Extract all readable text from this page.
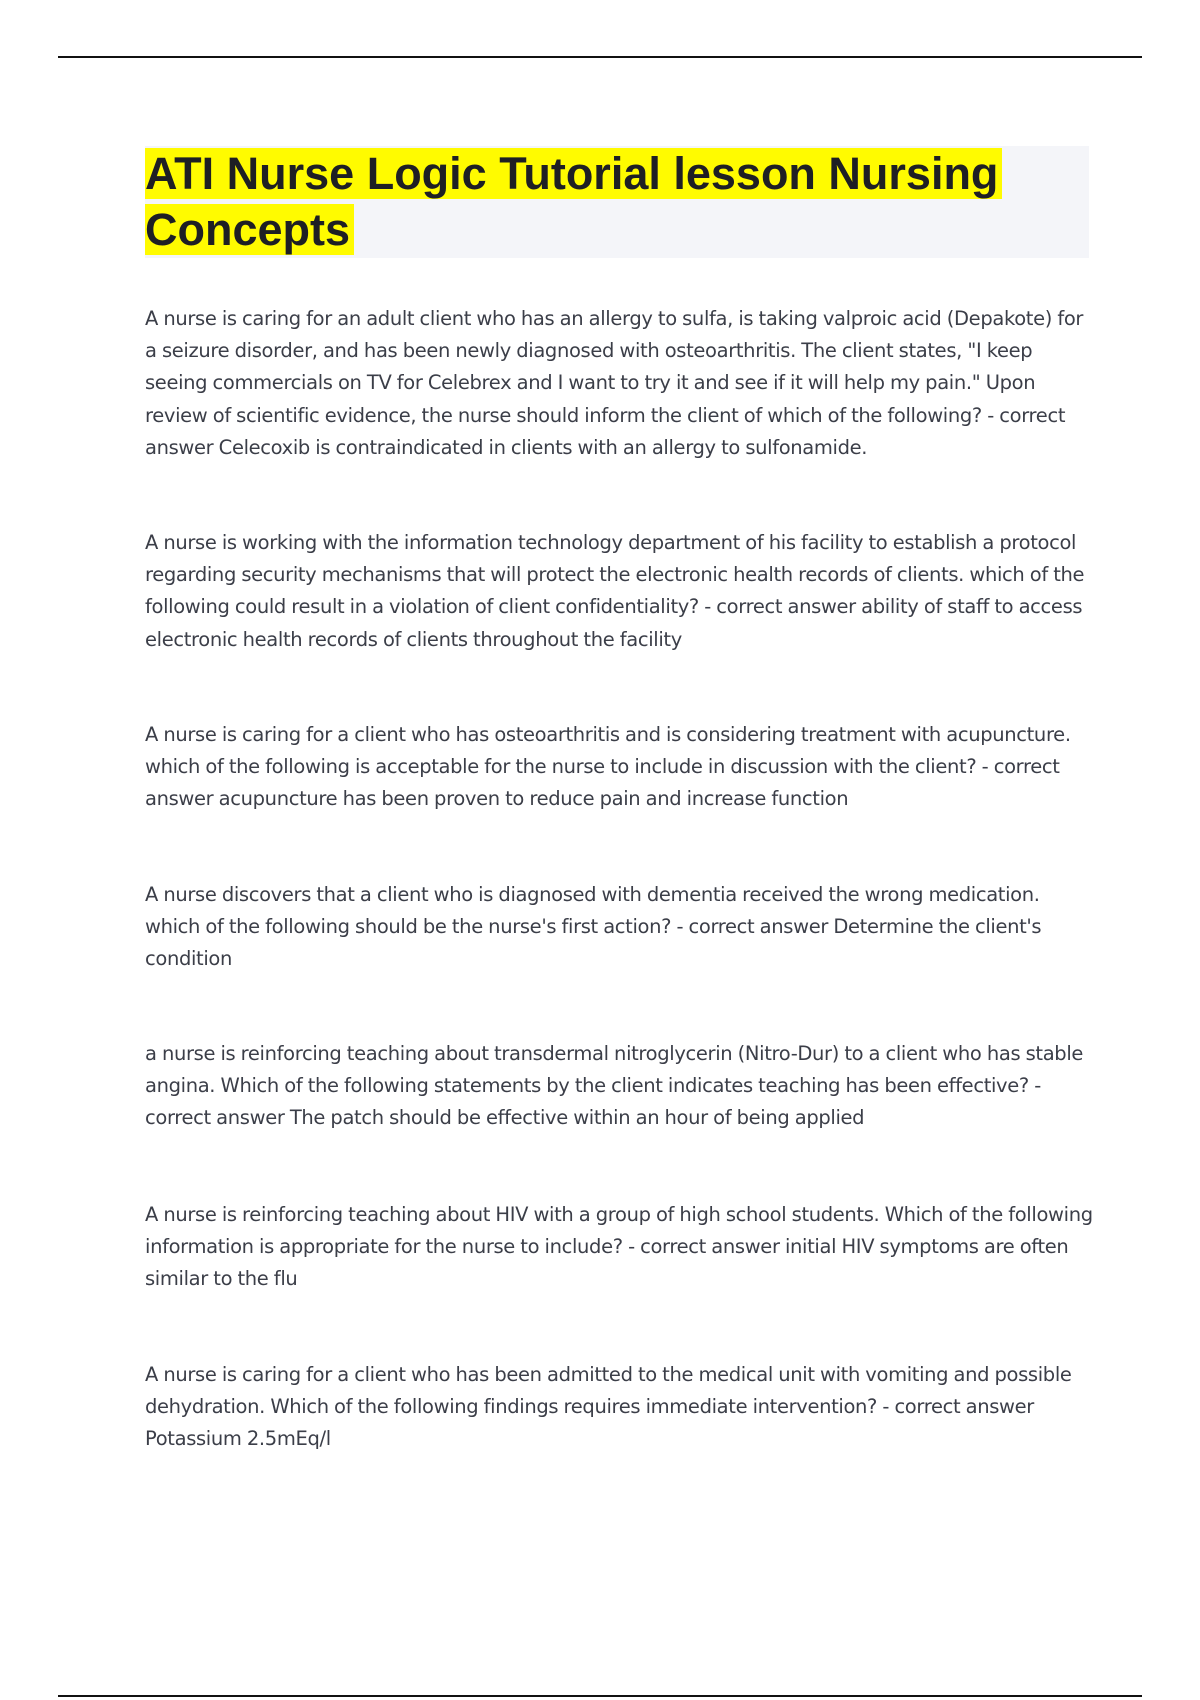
ATI Nurse Logic Tutorial lesson Nursing Concepts

A nurse is caring for an adult client who has an allergy to sulfa, is taking valproic acid (Depakote) for a seizure disorder, and has been newly diagnosed with osteoarthritis. The client states, "I keep seeing commercials on TV for Celebrex and I want to try it and see if it will help my pain." Upon review of scientific evidence, the nurse should inform the client of which of the following? - correct answer Celecoxib is contraindicated in clients with an allergy to sulfonamide.

A nurse is working with the information technology department of his facility to establish a protocol regarding security mechanisms that will protect the electronic health records of clients. which of the following could result in a violation of client confidentiality? - correct answer ability of staff to access electronic health records of clients throughout the facility

A nurse is caring for a client who has osteoarthritis and is considering treatment with acupuncture. which of the following is acceptable for the nurse to include in discussion with the client? - correct answer acupuncture has been proven to reduce pain and increase function

A nurse discovers that a client who is diagnosed with dementia received the wrong medication. which of the following should be the nurse's first action? - correct answer Determine the client's condition

a nurse is reinforcing teaching about transdermal nitroglycerin (Nitro-Dur) to a client who has stable angina. Which of the following statements by the client indicates teaching has been effective? - correct answer The patch should be effective within an hour of being applied

A nurse is reinforcing teaching about HIV with a group of high school students. Which of the following information is appropriate for the nurse to include? - correct answer initial HIV symptoms are often similar to the flu

A nurse is caring for a client who has been admitted to the medical unit with vomiting and possible dehydration. Which of the following findings requires immediate intervention? - correct answer Potassium 2.5mEq/l
